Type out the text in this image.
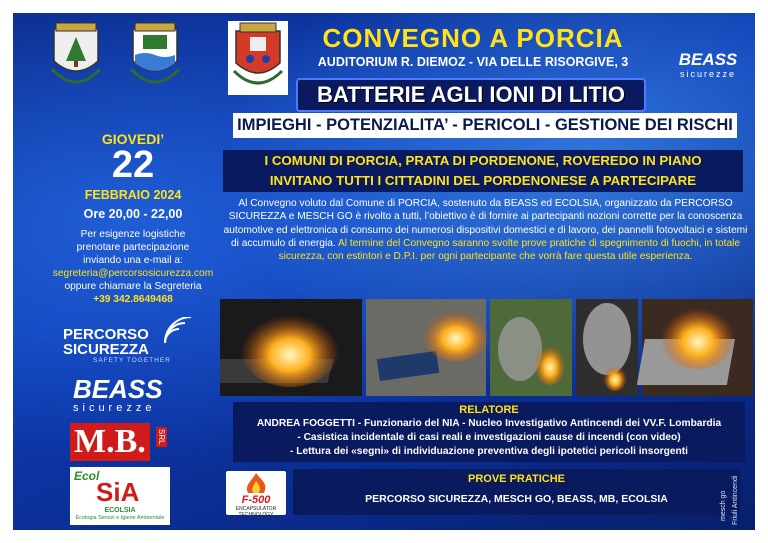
CONVEGNO A PORCIA
AUDITORIUM R. DIEMOZ - VIA DELLE RISORGIVE, 3
BATTERIE AGLI IONI DI LITIO
IMPIEGHI - POTENZIALITA’ - PERICOLI - GESTIONE DEI RISCHI
BEASS
sicurezze
GIOVEDI’
22
FEBBRAIO 2024
Ore 20,00 - 22,00
Per esigenze logistiche
prenotare partecipazione
inviando una e-mail a:
segreteria@percorsosicurezza.com
oppure chiamare la Segreteria
+39 342.8649468
PERCORSO
SICUREZZA
SAFETY TOGETHER
BEASS
sicurezze
M.B.	SRL
Ecol
SiA
ECOLSIA
Ecologia Servizi e Igiene Ambientale
I COMUNI DI PORCIA, PRATA DI PORDENONE, ROVEREDO IN PIANO
INVITANO TUTTI I CITTADINI DEL PORDENONESE A PARTECIPARE
Al Convegno voluto dal Comune di PORCIA, sostenuto da BEASS ed ECOLSIA, organizzato da PERCORSO SICUREZZA e MESCH GO è rivolto a tutti, l’obiettivo è di fornire ai partecipanti nozioni corrette per la conoscenza automotive ed elettronica di consumo dei numerosi dispositivi domestici e di lavoro, dei pannelli fotovoltaici e sistemi di accumulo di energia. Al termine del Convegno saranno svolte prove pratiche di spegnimento di fuochi, in totale sicurezza, con estintori e D.P.I. per ogni partecipante che vorrà fare questa utile esperienza.
RELATORE
ANDREA FOGGETTI - Funzionario del NIA - Nucleo Investigativo Antincendi dei VV.F. Lombardia
- Casistica incidentale di casi reali e investigazioni cause di incendi (con video)
- Lettura dei «segni» di individuazione preventiva degli ipotetici pericoli insorgenti
F-500
ENCAPSULATOR TECHNOLOGY
PROVE PRATICHE
PERCORSO SICUREZZA, MESCH GO, BEASS, MB, ECOLSIA	mesch go Friuli Antincendi
